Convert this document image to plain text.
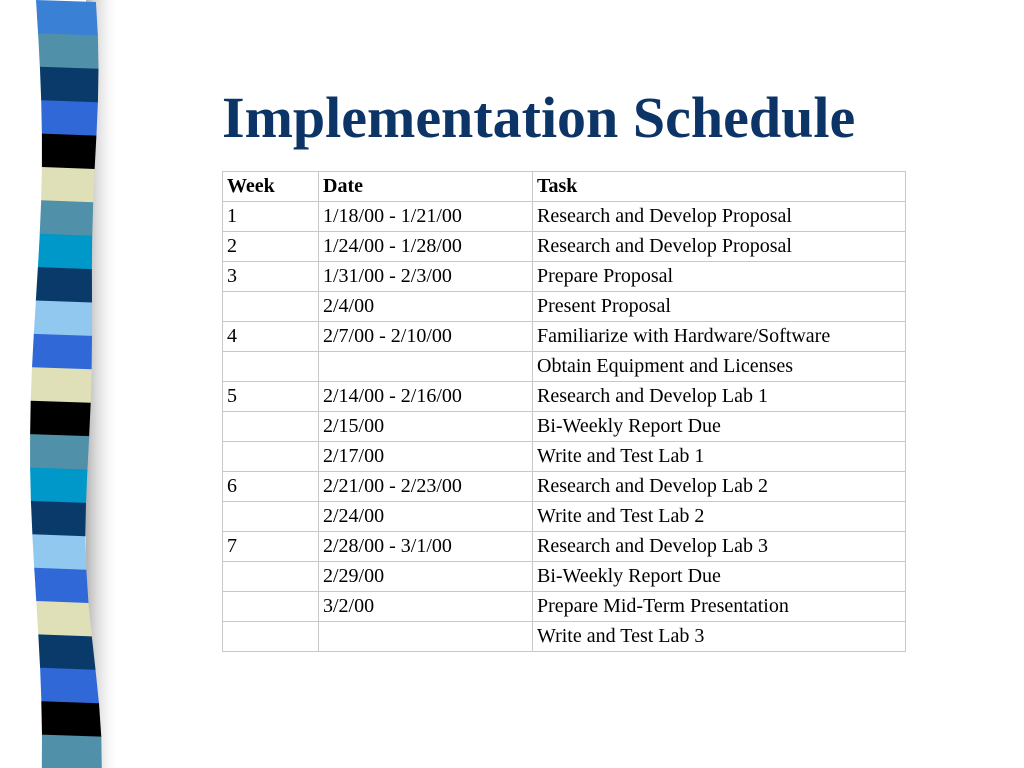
Implementation Schedule
Week	Date	Task
1	1/18/00 - 1/21/00	Research and Develop Proposal
2	1/24/00 - 1/28/00	Research and Develop Proposal
3	1/31/00 - 2/3/00	Prepare Proposal
	2/4/00	Present Proposal
4	2/7/00 - 2/10/00	Familiarize with Hardware/Software
		Obtain Equipment and Licenses
5	2/14/00 - 2/16/00	Research and Develop Lab 1
	2/15/00	Bi-Weekly Report Due
	2/17/00	Write and Test Lab 1
6	2/21/00 - 2/23/00	Research and Develop Lab 2
	2/24/00	Write and Test Lab 2
7	2/28/00 - 3/1/00	Research and Develop Lab 3
	2/29/00	Bi-Weekly Report Due
	3/2/00	Prepare Mid-Term Presentation
		Write and Test Lab 3
